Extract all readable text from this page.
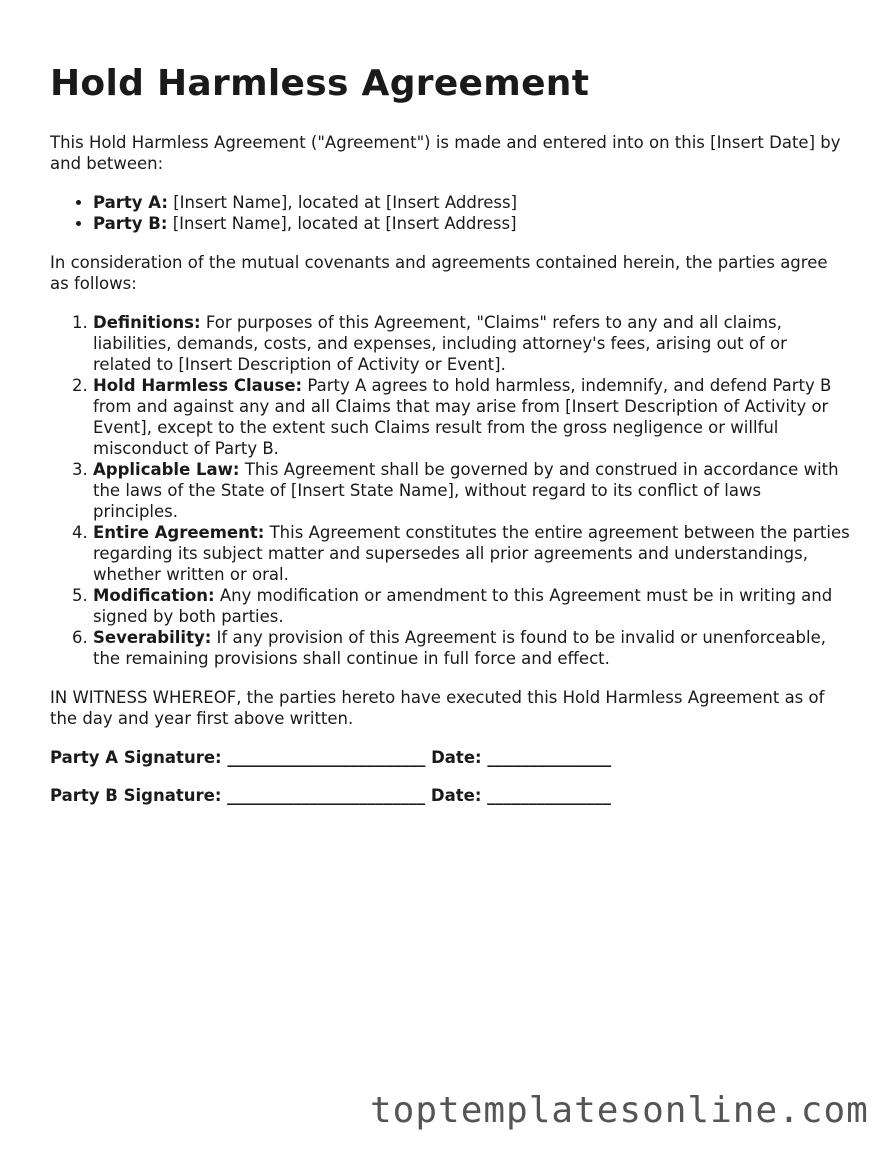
Hold Harmless Agreement

This Hold Harmless Agreement ("Agreement") is made and entered into on this [Insert Date] by and between:

• Party A: [Insert Name], located at [Insert Address]
• Party B: [Insert Name], located at [Insert Address]

In consideration of the mutual covenants and agreements contained herein, the parties agree as follows:

1. Definitions: For purposes of this Agreement, "Claims" refers to any and all claims, liabilities, demands, costs, and expenses, including attorney's fees, arising out of or related to [Insert Description of Activity or Event].
2. Hold Harmless Clause: Party A agrees to hold harmless, indemnify, and defend Party B from and against any and all Claims that may arise from [Insert Description of Activity or Event], except to the extent such Claims result from the gross negligence or willful misconduct of Party B.
3. Applicable Law: This Agreement shall be governed by and construed in accordance with the laws of the State of [Insert State Name], without regard to its conflict of laws principles.
4. Entire Agreement: This Agreement constitutes the entire agreement between the parties regarding its subject matter and supersedes all prior agreements and understandings, whether written or oral.
5. Modification: Any modification or amendment to this Agreement must be in writing and signed by both parties.
6. Severability: If any provision of this Agreement is found to be invalid or unenforceable, the remaining provisions shall continue in full force and effect.

IN WITNESS WHEREOF, the parties hereto have executed this Hold Harmless Agreement as of the day and year first above written.

Party A Signature: ________________________ Date: _______________

Party B Signature: ________________________ Date: _______________

toptemplatesonline.com
